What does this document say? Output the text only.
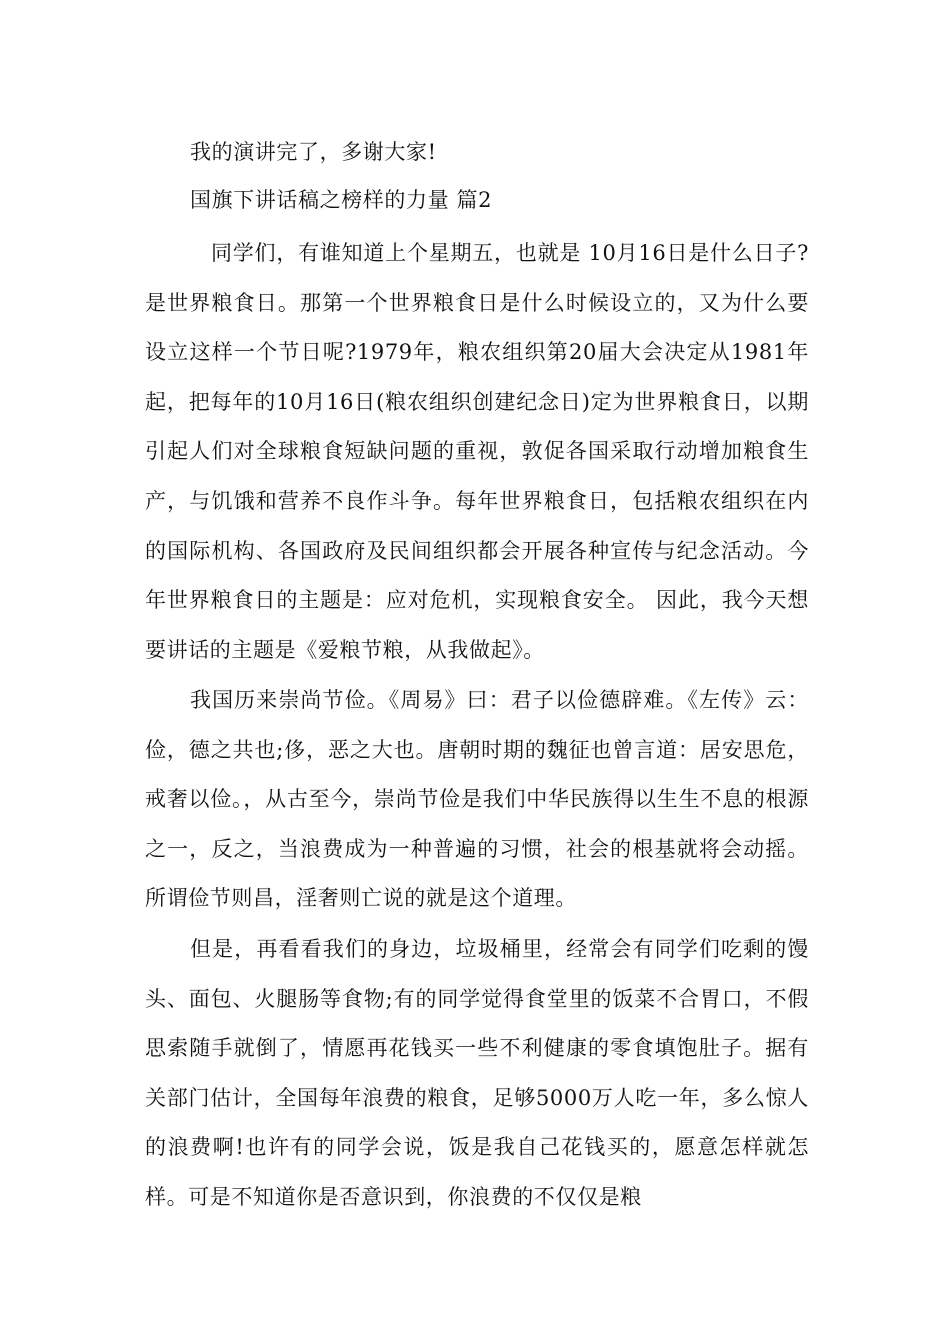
我的演讲完了，多谢大家!
国旗下讲话稿之榜样的力量 篇2
同学们，有谁知道上个星期五，也就是 10月16日是什么日子?是世界粮食日。那第一个世界粮食日是什么时候设立的，又为什么要设立这样一个节日呢?1979年，粮农组织第20届大会决定从1981年起，把每年的10月16日(粮农组织创建纪念日)定为世界粮食日，以期引起人们对全球粮食短缺问题的重视，敦促各国采取行动增加粮食生产，与饥饿和营养不良作斗争。每年世界粮食日，包括粮农组织在内的国际机构、各国政府及民间组织都会开展各种宣传与纪念活动。今年世界粮食日的主题是：应对危机，实现粮食安全。 因此，我今天想要讲话的主题是《爱粮节粮，从我做起》。
我国历来崇尚节俭。《周易》曰：君子以俭德辟难。《左传》云：俭，德之共也;侈，恶之大也。唐朝时期的魏征也曾言道：居安思危，戒奢以俭。，从古至今，崇尚节俭是我们中华民族得以生生不息的根源之一，反之，当浪费成为一种普遍的习惯，社会的根基就将会动摇。所谓俭节则昌，淫奢则亡说的就是这个道理。
但是，再看看我们的身边，垃圾桶里，经常会有同学们吃剩的馒头、面包、火腿肠等食物;有的同学觉得食堂里的饭菜不合胃口，不假思索随手就倒了，情愿再花钱买一些不利健康的零食填饱肚子。据有关部门估计，全国每年浪费的粮食，足够5000万人吃一年，多么惊人的浪费啊!也许有的同学会说，饭是我自己花钱买的，愿意怎样就怎样。可是不知道你是否意识到，你浪费的不仅仅是粮
